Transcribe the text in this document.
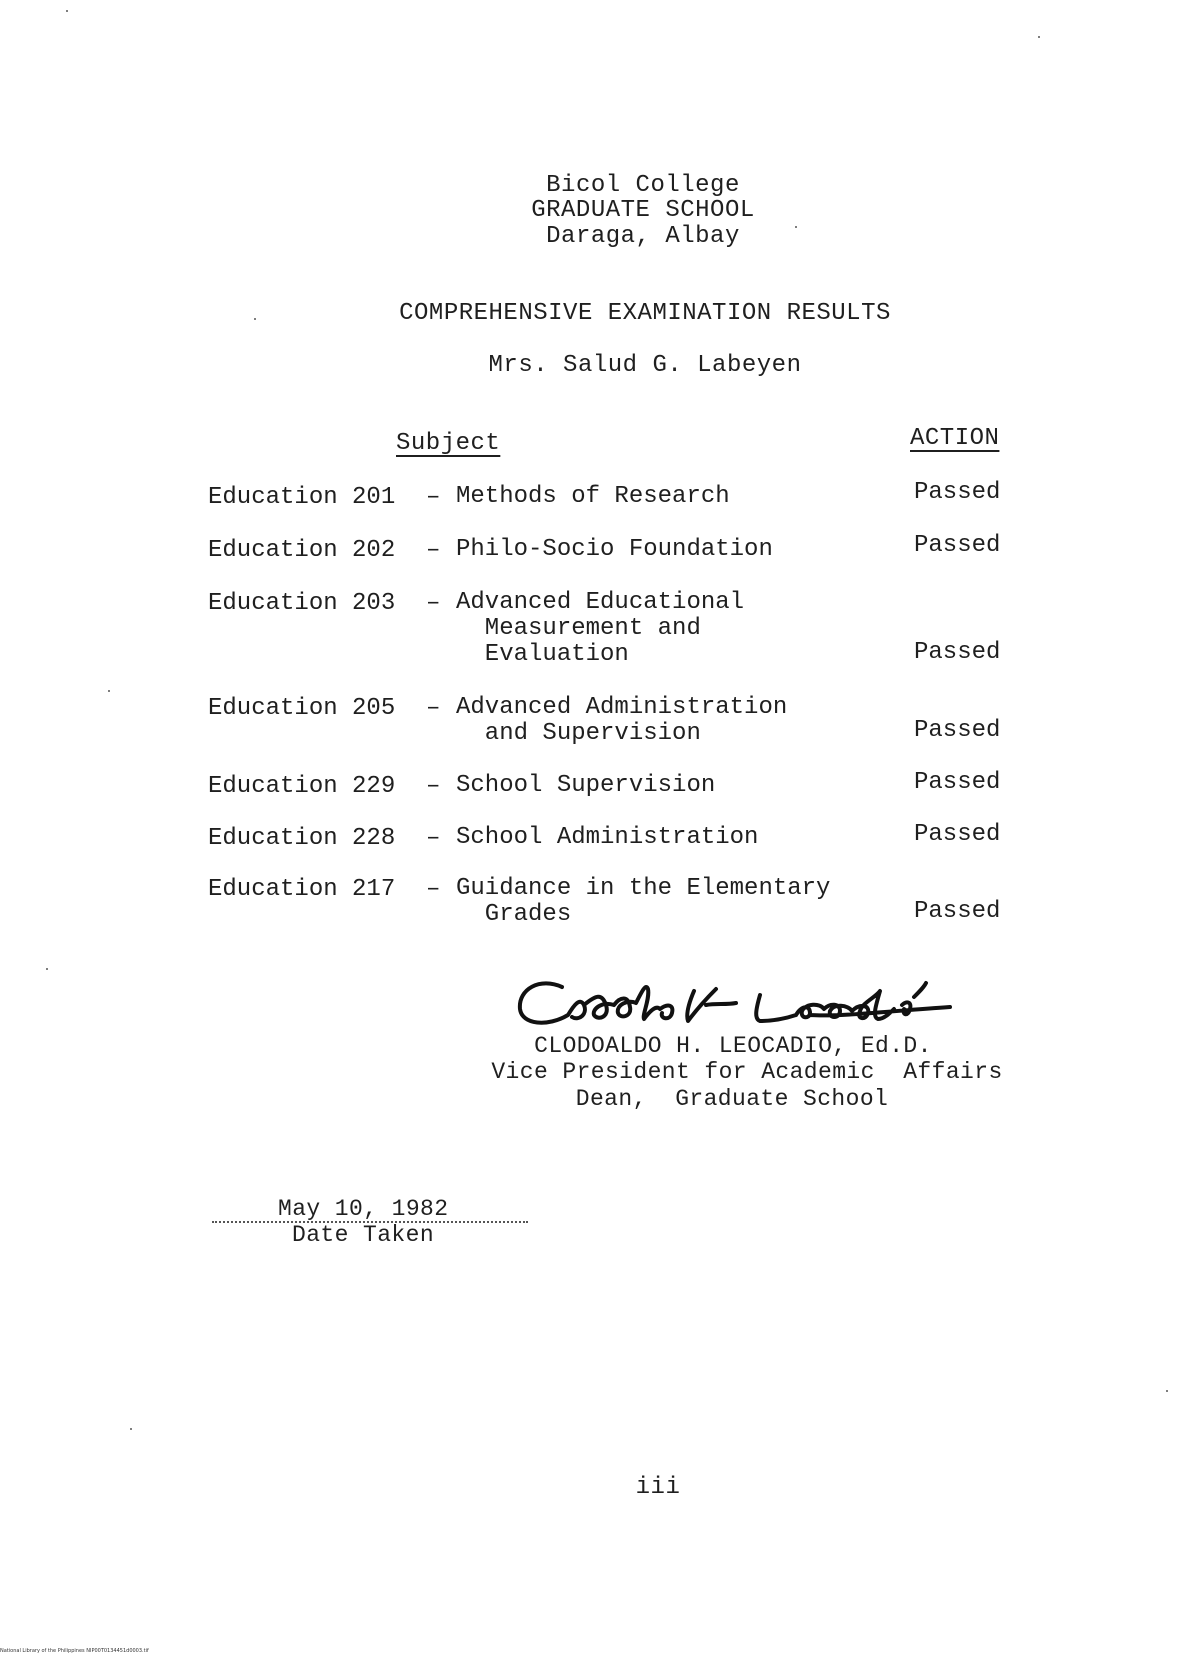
Bicol College
GRADUATE SCHOOL
Daraga, Albay
COMPREHENSIVE EXAMINATION RESULTS
Mrs. Salud G. Labeyen
Subject	ACTION
Education 201 – Methods of Research	Passed
Education 202 – Philo-Socio Foundation	Passed
Education 203 – Advanced Educational
Measurement and
Evaluation	Passed
Education 205 – Advanced Administration
and Supervision	Passed
Education 229 – School Supervision	Passed
Education 228 – School Administration	Passed
Education 217 – Guidance in the Elementary
Grades	Passed
CLODOALDO H. LEOCADIO, Ed.D.
Vice President for Academic  Affairs
Dean,  Graduate School
May 10, 1982
Date Taken
iii
National Library of the Philippines NIP00T0134451d0003.tif
